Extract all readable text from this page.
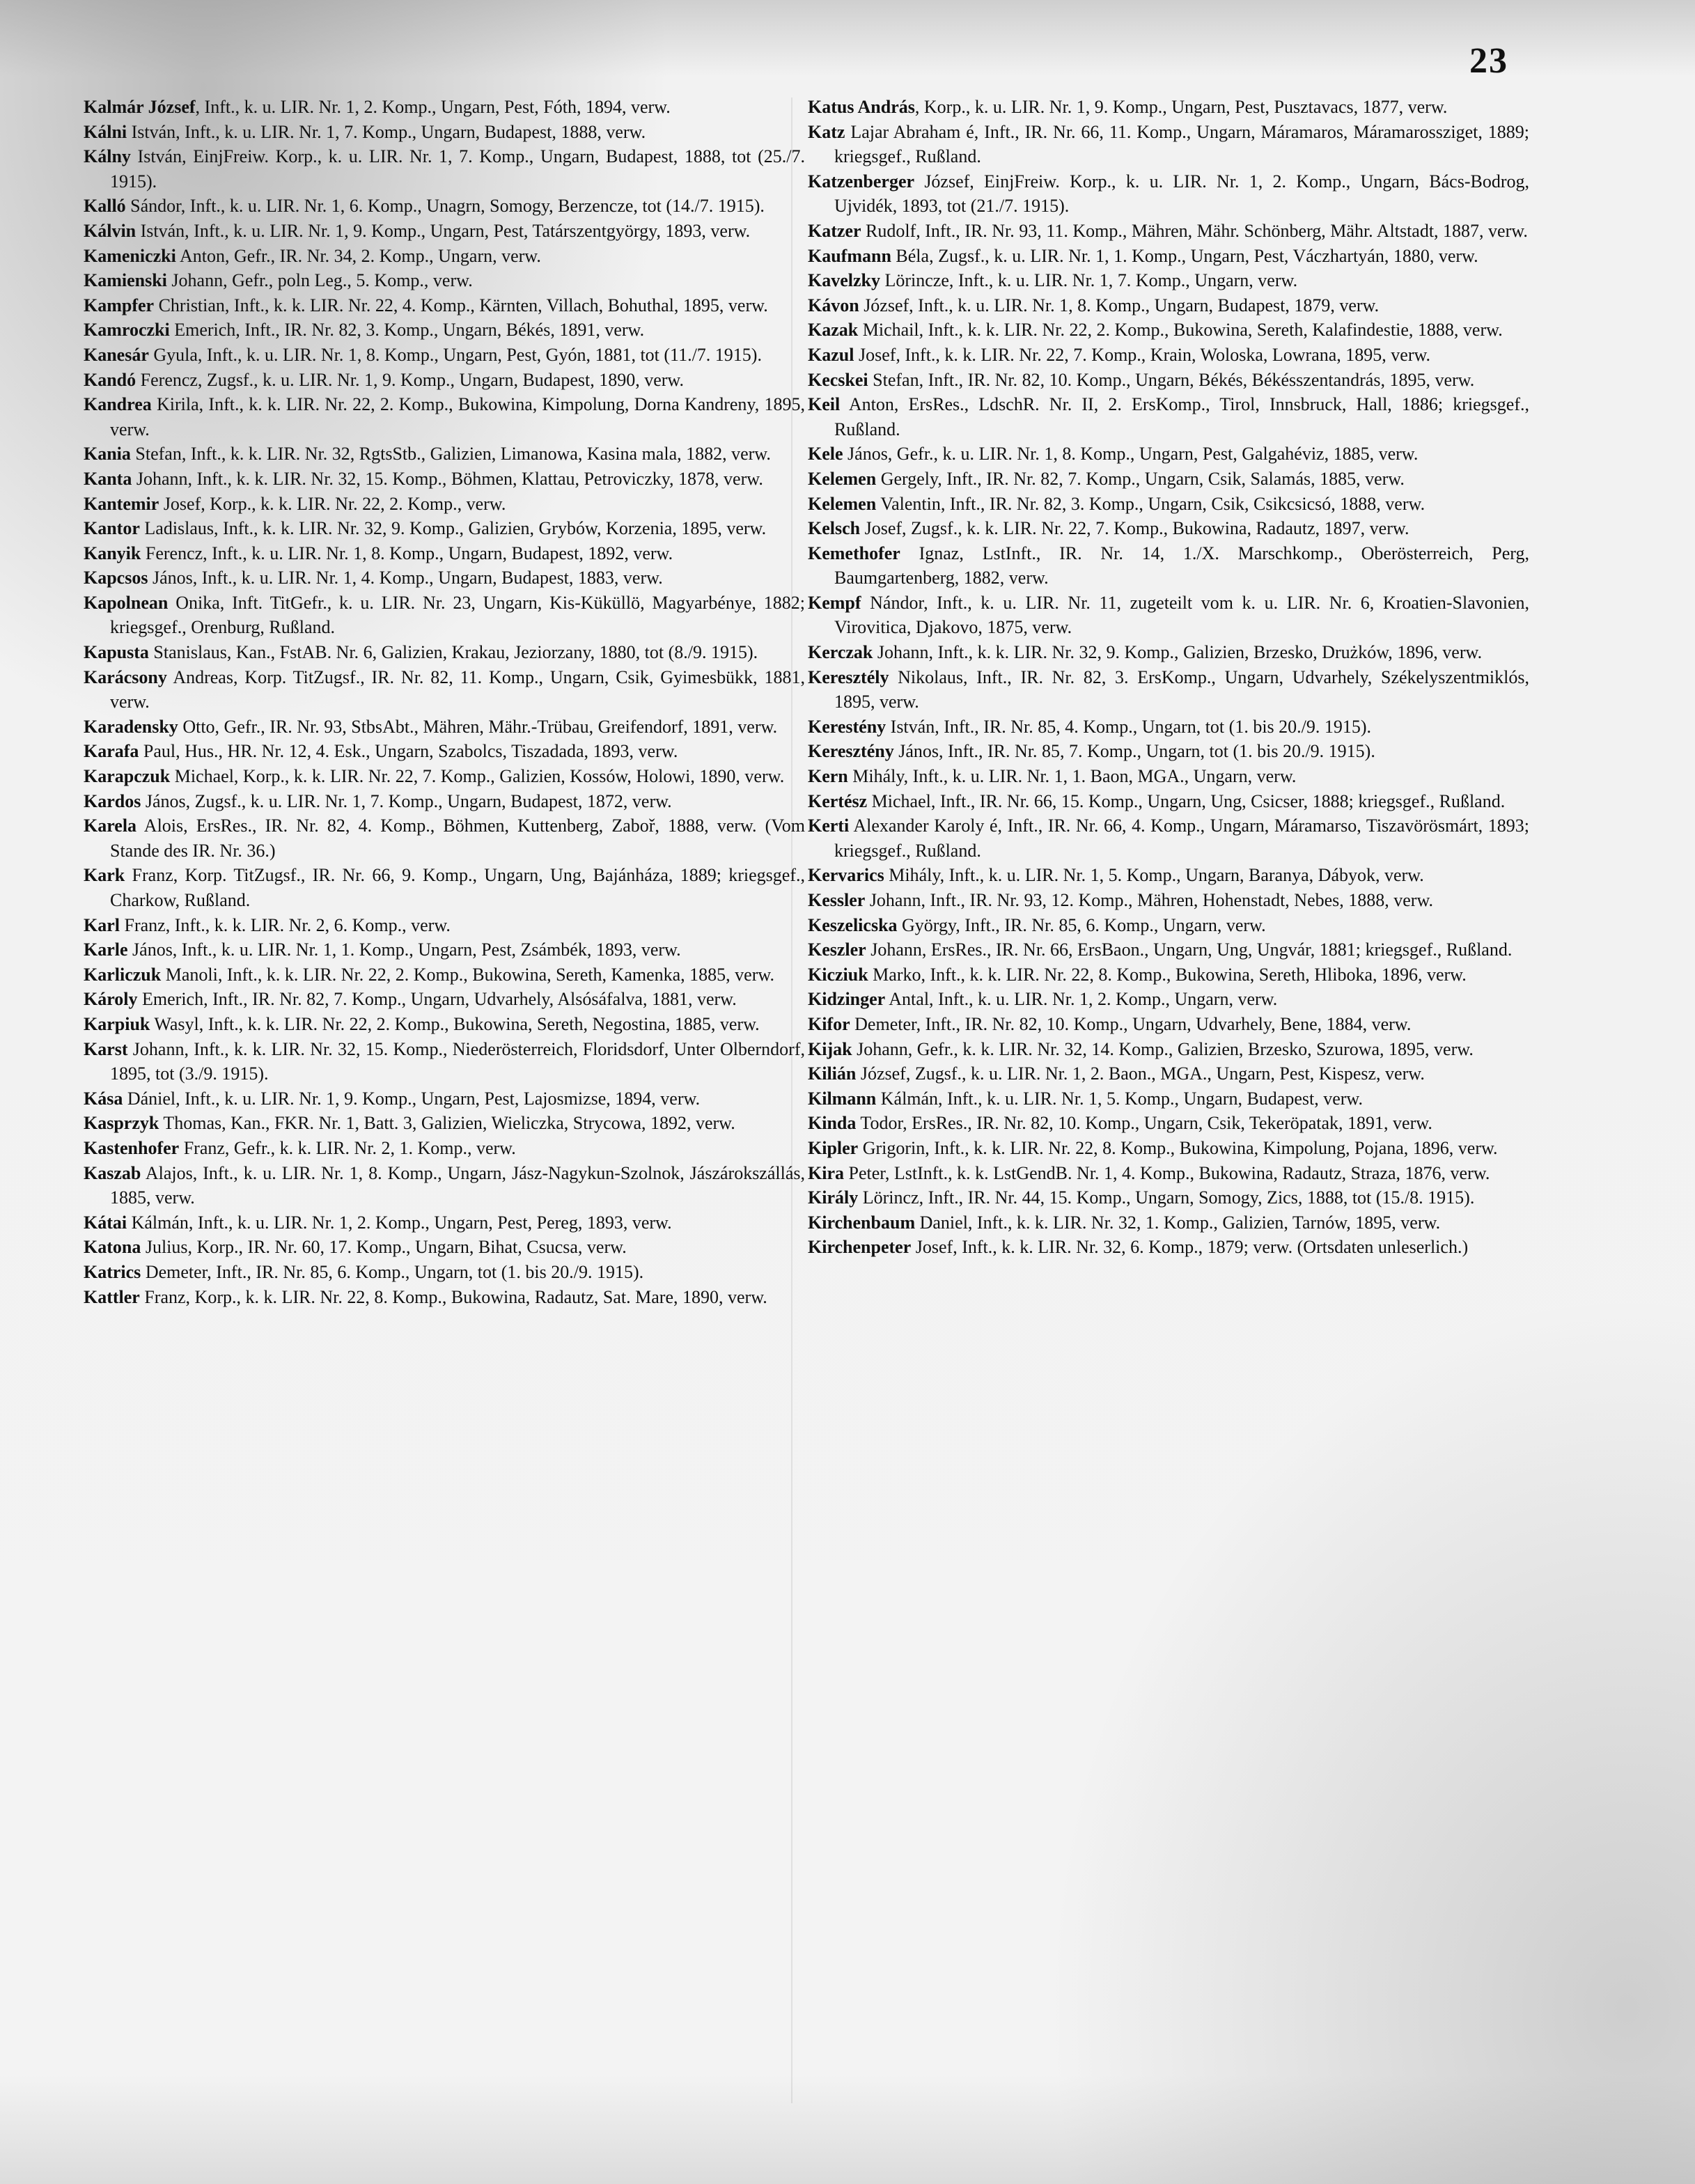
23
Kalmár József, Inft., k. u. LIR. Nr. 1, 2. Komp., Ungarn, Pest, Fóth, 1894, verw.
Kálni István, Inft., k. u. LIR. Nr. 1, 7. Komp., Ungarn, Budapest, 1888, verw.
Kálny István, EinjFreiw. Korp., k. u. LIR. Nr. 1, 7. Komp., Ungarn, Budapest, 1888, tot (25./7. 1915).
Kalló Sándor, Inft., k. u. LIR. Nr. 1, 6. Komp., Unagrn, Somogy, Berzencze, tot (14./7. 1915).
Kálvin István, Inft., k. u. LIR. Nr. 1, 9. Komp., Ungarn, Pest, Tatárszentgyörgy, 1893, verw.
Kameniczki Anton, Gefr., IR. Nr. 34, 2. Komp., Ungarn, verw.
Kamienski Johann, Gefr., poln Leg., 5. Komp., verw.
Kampfer Christian, Inft., k. k. LIR. Nr. 22, 4. Komp., Kärnten, Villach, Bohuthal, 1895, verw.
Kamroczki Emerich, Inft., IR. Nr. 82, 3. Komp., Ungarn, Békés, 1891, verw.
Kanesár Gyula, Inft., k. u. LIR. Nr. 1, 8. Komp., Ungarn, Pest, Gyón, 1881, tot (11./7. 1915).
Kandó Ferencz, Zugsf., k. u. LIR. Nr. 1, 9. Komp., Ungarn, Budapest, 1890, verw.
Kandrea Kirila, Inft., k. k. LIR. Nr. 22, 2. Komp., Bukowina, Kimpolung, Dorna Kandreny, 1895, verw.
Kania Stefan, Inft., k. k. LIR. Nr. 32, RgtsStb., Galizien, Limanowa, Kasina mala, 1882, verw.
Kanta Johann, Inft., k. k. LIR. Nr. 32, 15. Komp., Böhmen, Klattau, Petroviczky, 1878, verw.
Kantemir Josef, Korp., k. k. LIR. Nr. 22, 2. Komp., verw.
Kantor Ladislaus, Inft., k. k. LIR. Nr. 32, 9. Komp., Galizien, Grybów, Korzenia, 1895, verw.
Kanyik Ferencz, Inft., k. u. LIR. Nr. 1, 8. Komp., Ungarn, Budapest, 1892, verw.
Kapcsos János, Inft., k. u. LIR. Nr. 1, 4. Komp., Ungarn, Budapest, 1883, verw.
Kapolnean Onika, Inft. TitGefr., k. u. LIR. Nr. 23, Ungarn, Kis-Küküllö, Magyarbénye, 1882; kriegsgef., Orenburg, Rußland.
Kapusta Stanislaus, Kan., FstAB. Nr. 6, Galizien, Krakau, Jeziorzany, 1880, tot (8./9. 1915).
Karácsony Andreas, Korp. TitZugsf., IR. Nr. 82, 11. Komp., Ungarn, Csik, Gyimesbükk, 1881, verw.
Karadensky Otto, Gefr., IR. Nr. 93, StbsAbt., Mähren, Mähr.-Trübau, Greifendorf, 1891, verw.
Karafa Paul, Hus., HR. Nr. 12, 4. Esk., Ungarn, Szabolcs, Tiszadada, 1893, verw.
Karapczuk Michael, Korp., k. k. LIR. Nr. 22, 7. Komp., Galizien, Kossów, Holowi, 1890, verw.
Kardos János, Zugsf., k. u. LIR. Nr. 1, 7. Komp., Ungarn, Budapest, 1872, verw.
Karela Alois, ErsRes., IR. Nr. 82, 4. Komp., Böhmen, Kuttenberg, Zaboř, 1888, verw. (Vom Stande des IR. Nr. 36.)
Kark Franz, Korp. TitZugsf., IR. Nr. 66, 9. Komp., Ungarn, Ung, Bajánháza, 1889; kriegsgef., Charkow, Rußland.
Karl Franz, Inft., k. k. LIR. Nr. 2, 6. Komp., verw.
Karle János, Inft., k. u. LIR. Nr. 1, 1. Komp., Ungarn, Pest, Zsámbék, 1893, verw.
Karliczuk Manoli, Inft., k. k. LIR. Nr. 22, 2. Komp., Bukowina, Sereth, Kamenka, 1885, verw.
Károly Emerich, Inft., IR. Nr. 82, 7. Komp., Ungarn, Udvarhely, Alsósáfalva, 1881, verw.
Karpiuk Wasyl, Inft., k. k. LIR. Nr. 22, 2. Komp., Bukowina, Sereth, Negostina, 1885, verw.
Karst Johann, Inft., k. k. LIR. Nr. 32, 15. Komp., Niederösterreich, Floridsdorf, Unter Olberndorf, 1895, tot (3./9. 1915).
Kása Dániel, Inft., k. u. LIR. Nr. 1, 9. Komp., Ungarn, Pest, Lajosmizse, 1894, verw.
Kasprzyk Thomas, Kan., FKR. Nr. 1, Batt. 3, Galizien, Wieliczka, Strycowa, 1892, verw.
Kastenhofer Franz, Gefr., k. k. LIR. Nr. 2, 1. Komp., verw.
Kaszab Alajos, Inft., k. u. LIR. Nr. 1, 8. Komp., Ungarn, Jász-Nagykun-Szolnok, Jászárokszállás, 1885, verw.
Kátai Kálmán, Inft., k. u. LIR. Nr. 1, 2. Komp., Ungarn, Pest, Pereg, 1893, verw.
Katona Julius, Korp., IR. Nr. 60, 17. Komp., Ungarn, Bihat, Csucsa, verw.
Katrics Demeter, Inft., IR. Nr. 85, 6. Komp., Ungarn, tot (1. bis 20./9. 1915).
Kattler Franz, Korp., k. k. LIR. Nr. 22, 8. Komp., Bukowina, Radautz, Sat. Mare, 1890, verw.
Katus András, Korp., k. u. LIR. Nr. 1, 9. Komp., Ungarn, Pest, Pusztavacs, 1877, verw.
Katz Lajar Abraham é, Inft., IR. Nr. 66, 11. Komp., Ungarn, Máramaros, Máramarossziget, 1889; kriegsgef., Rußland.
Katzenberger József, EinjFreiw. Korp., k. u. LIR. Nr. 1, 2. Komp., Ungarn, Bács-Bodrog, Ujvidék, 1893, tot (21./7. 1915).
Katzer Rudolf, Inft., IR. Nr. 93, 11. Komp., Mähren, Mähr. Schönberg, Mähr. Altstadt, 1887, verw.
Kaufmann Béla, Zugsf., k. u. LIR. Nr. 1, 1. Komp., Ungarn, Pest, Váczhartyán, 1880, verw.
Kavelzky Lörincze, Inft., k. u. LIR. Nr. 1, 7. Komp., Ungarn, verw.
Kávon József, Inft., k. u. LIR. Nr. 1, 8. Komp., Ungarn, Budapest, 1879, verw.
Kazak Michail, Inft., k. k. LIR. Nr. 22, 2. Komp., Bukowina, Sereth, Kalafindestie, 1888, verw.
Kazul Josef, Inft., k. k. LIR. Nr. 22, 7. Komp., Krain, Woloska, Lowrana, 1895, verw.
Kecskei Stefan, Inft., IR. Nr. 82, 10. Komp., Ungarn, Békés, Békésszentandrás, 1895, verw.
Keil Anton, ErsRes., LdschR. Nr. II, 2. ErsKomp., Tirol, Innsbruck, Hall, 1886; kriegsgef., Rußland.
Kele János, Gefr., k. u. LIR. Nr. 1, 8. Komp., Ungarn, Pest, Galgahéviz, 1885, verw.
Kelemen Gergely, Inft., IR. Nr. 82, 7. Komp., Ungarn, Csik, Salamás, 1885, verw.
Kelemen Valentin, Inft., IR. Nr. 82, 3. Komp., Ungarn, Csik, Csikcsicsó, 1888, verw.
Kelsch Josef, Zugsf., k. k. LIR. Nr. 22, 7. Komp., Bukowina, Radautz, 1897, verw.
Kemethofer Ignaz, LstInft., IR. Nr. 14, 1./X. Marschkomp., Oberösterreich, Perg, Baumgartenberg, 1882, verw.
Kempf Nándor, Inft., k. u. LIR. Nr. 11, zugeteilt vom k. u. LIR. Nr. 6, Kroatien-Slavonien, Virovitica, Djakovo, 1875, verw.
Kerczak Johann, Inft., k. k. LIR. Nr. 32, 9. Komp., Galizien, Brzesko, Drużków, 1896, verw.
Keresztély Nikolaus, Inft., IR. Nr. 82, 3. ErsKomp., Ungarn, Udvarhely, Székelyszentmiklós, 1895, verw.
Kerestény István, Inft., IR. Nr. 85, 4. Komp., Ungarn, tot (1. bis 20./9. 1915).
Keresztény János, Inft., IR. Nr. 85, 7. Komp., Ungarn, tot (1. bis 20./9. 1915).
Kern Mihály, Inft., k. u. LIR. Nr. 1, 1. Baon, MGA., Ungarn, verw.
Kertész Michael, Inft., IR. Nr. 66, 15. Komp., Ungarn, Ung, Csicser, 1888; kriegsgef., Rußland.
Kerti Alexander Karoly é, Inft., IR. Nr. 66, 4. Komp., Ungarn, Máramarso, Tiszavörösmárt, 1893; kriegsgef., Rußland.
Kervarics Mihály, Inft., k. u. LIR. Nr. 1, 5. Komp., Ungarn, Baranya, Dábyok, verw.
Kessler Johann, Inft., IR. Nr. 93, 12. Komp., Mähren, Hohenstadt, Nebes, 1888, verw.
Keszelicska György, Inft., IR. Nr. 85, 6. Komp., Ungarn, verw.
Keszler Johann, ErsRes., IR. Nr. 66, ErsBaon., Ungarn, Ung, Ungvár, 1881; kriegsgef., Rußland.
Kicziuk Marko, Inft., k. k. LIR. Nr. 22, 8. Komp., Bukowina, Sereth, Hliboka, 1896, verw.
Kidzinger Antal, Inft., k. u. LIR. Nr. 1, 2. Komp., Ungarn, verw.
Kifor Demeter, Inft., IR. Nr. 82, 10. Komp., Ungarn, Udvarhely, Bene, 1884, verw.
Kijak Johann, Gefr., k. k. LIR. Nr. 32, 14. Komp., Galizien, Brzesko, Szurowa, 1895, verw.
Kilián József, Zugsf., k. u. LIR. Nr. 1, 2. Baon., MGA., Ungarn, Pest, Kispesz, verw.
Kilmann Kálmán, Inft., k. u. LIR. Nr. 1, 5. Komp., Ungarn, Budapest, verw.
Kinda Todor, ErsRes., IR. Nr. 82, 10. Komp., Ungarn, Csik, Tekeröpatak, 1891, verw.
Kipler Grigorin, Inft., k. k. LIR. Nr. 22, 8. Komp., Bukowina, Kimpolung, Pojana, 1896, verw.
Kira Peter, LstInft., k. k. LstGendB. Nr. 1, 4. Komp., Bukowina, Radautz, Straza, 1876, verw.
Király Lörincz, Inft., IR. Nr. 44, 15. Komp., Ungarn, Somogy, Zics, 1888, tot (15./8. 1915).
Kirchenbaum Daniel, Inft., k. k. LIR. Nr. 32, 1. Komp., Galizien, Tarnów, 1895, verw.
Kirchenpeter Josef, Inft., k. k. LIR. Nr. 32, 6. Komp., 1879; verw. (Ortsdaten unleserlich.)
